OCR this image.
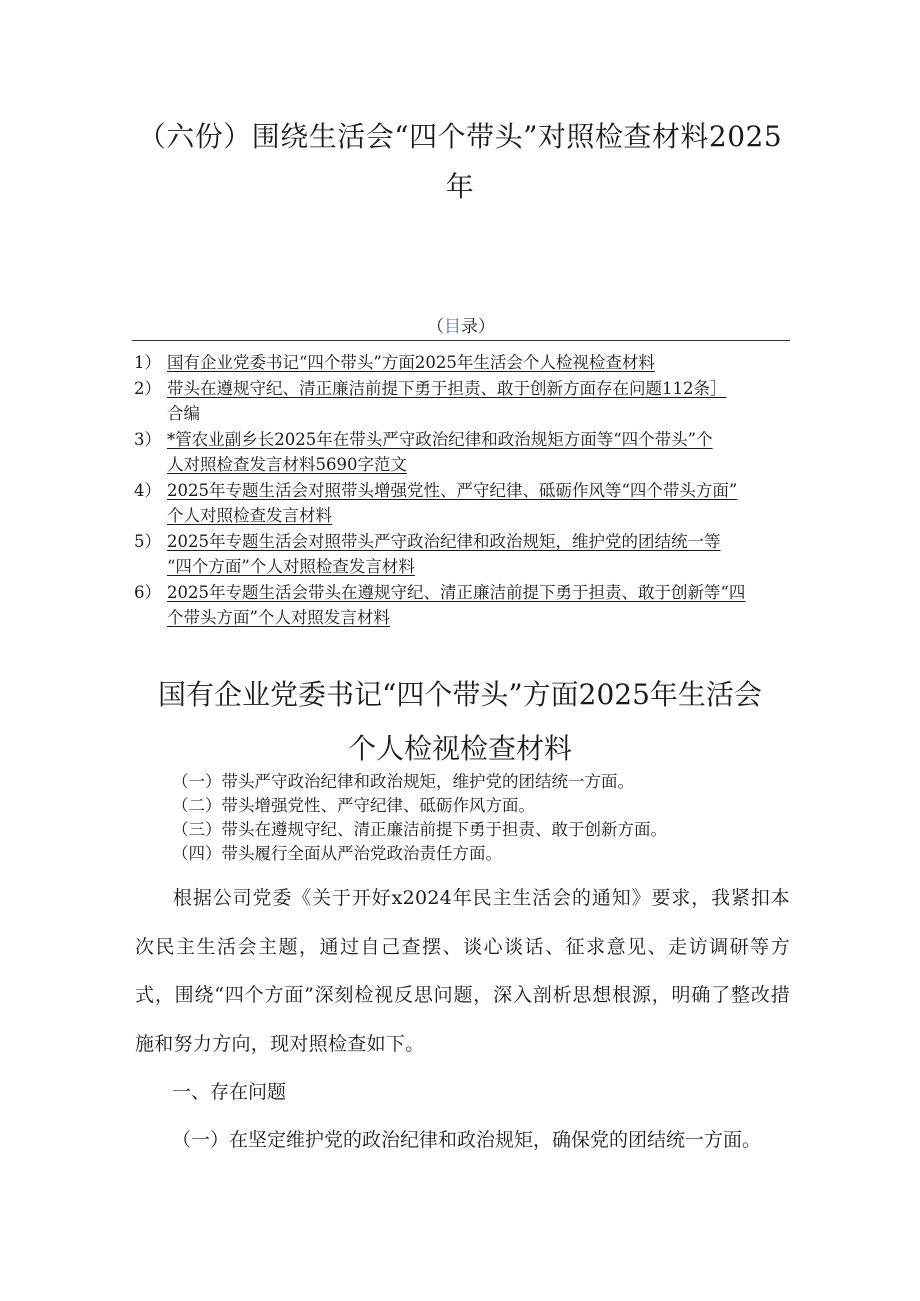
（六份）围绕生活会“四个带头”对照检查材料2025
年
（目录）
1） 国有企业党委书记“四个带头”方面2025年生活会个人检视检查材料
2） 带头在遵规守纪、清正廉洁前提下勇于担责、敢于创新方面存在问题112条］
合编
3） *管农业副乡长2025年在带头严守政治纪律和政治规矩方面等“四个带头”个
人对照检查发言材料5690字范文
4） 2025年专题生活会对照带头增强党性、严守纪律、砥砺作风等“四个带头方面”
个人对照检查发言材料
5） 2025年专题生活会对照带头严守政治纪律和政治规矩，维护党的团结统一等
“四个方面”个人对照检查发言材料
6） 2025年专题生活会带头在遵规守纪、清正廉洁前提下勇于担责、敢于创新等“四
个带头方面”个人对照发言材料
国有企业党委书记“四个带头”方面2025年生活会
个人检视检查材料
（一）带头严守政治纪律和政治规矩，维护党的团结统一方面。
（二）带头增强党性、严守纪律、砥砺作风方面。
（三）带头在遵规守纪、清正廉洁前提下勇于担责、敢于创新方面。
（四）带头履行全面从严治党政治责任方面。

根据公司党委《关于开好x2024年民主生活会的通知》要求，我紧扣本次民主生活会主题，通过自己查摆、谈心谈话、征求意见、走访调研等方式，围绕“四个方面”深刻检视反思问题，深入剖析思想根源，明确了整改措施和努力方向，现对照检查如下。

一、存在问题
（一）在坚定维护党的政治纪律和政治规矩，确保党的团结统一方面。
